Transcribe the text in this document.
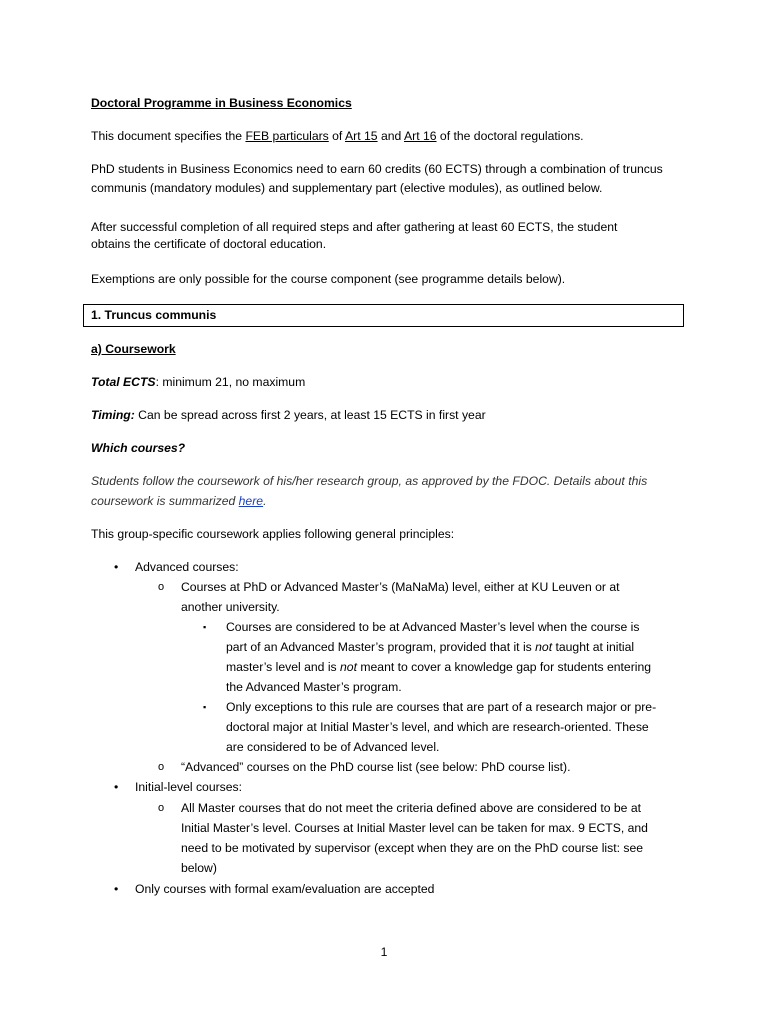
Doctoral Programme in Business Economics
This document specifies the FEB particulars of Art 15 and Art 16 of the doctoral regulations.
PhD students in Business Economics need to earn 60 credits (60 ECTS) through a combination of truncus
communis (mandatory modules) and supplementary part (elective modules), as outlined below.
After successful completion of all required steps and after gathering at least 60 ECTS, the student
obtains the certificate of doctoral education.
Exemptions are only possible for the course component (see programme details below).
1. Truncus communis
a) Coursework
Total ECTS: minimum 21, no maximum
Timing: Can be spread across first 2 years, at least 15 ECTS in first year
Which courses?
Students follow the coursework of his/her research group, as approved by the FDOC. Details about this
coursework is summarized here.
This group-specific coursework applies following general principles:
• Advanced courses:
o Courses at PhD or Advanced Master’s (MaNaMa) level, either at KU Leuven or at
another university.
▪ Courses are considered to be at Advanced Master’s level when the course is
part of an Advanced Master’s program, provided that it is not taught at initial
master’s level and is not meant to cover a knowledge gap for students entering
the Advanced Master’s program.
▪ Only exceptions to this rule are courses that are part of a research major or pre-
doctoral major at Initial Master’s level, and which are research-oriented. These
are considered to be of Advanced level.
o “Advanced” courses on the PhD course list (see below: PhD course list).
• Initial-level courses:
o All Master courses that do not meet the criteria defined above are considered to be at
Initial Master’s level. Courses at Initial Master level can be taken for max. 9 ECTS, and
need to be motivated by supervisor (except when they are on the PhD course list: see
below)
• Only courses with formal exam/evaluation are accepted
1
